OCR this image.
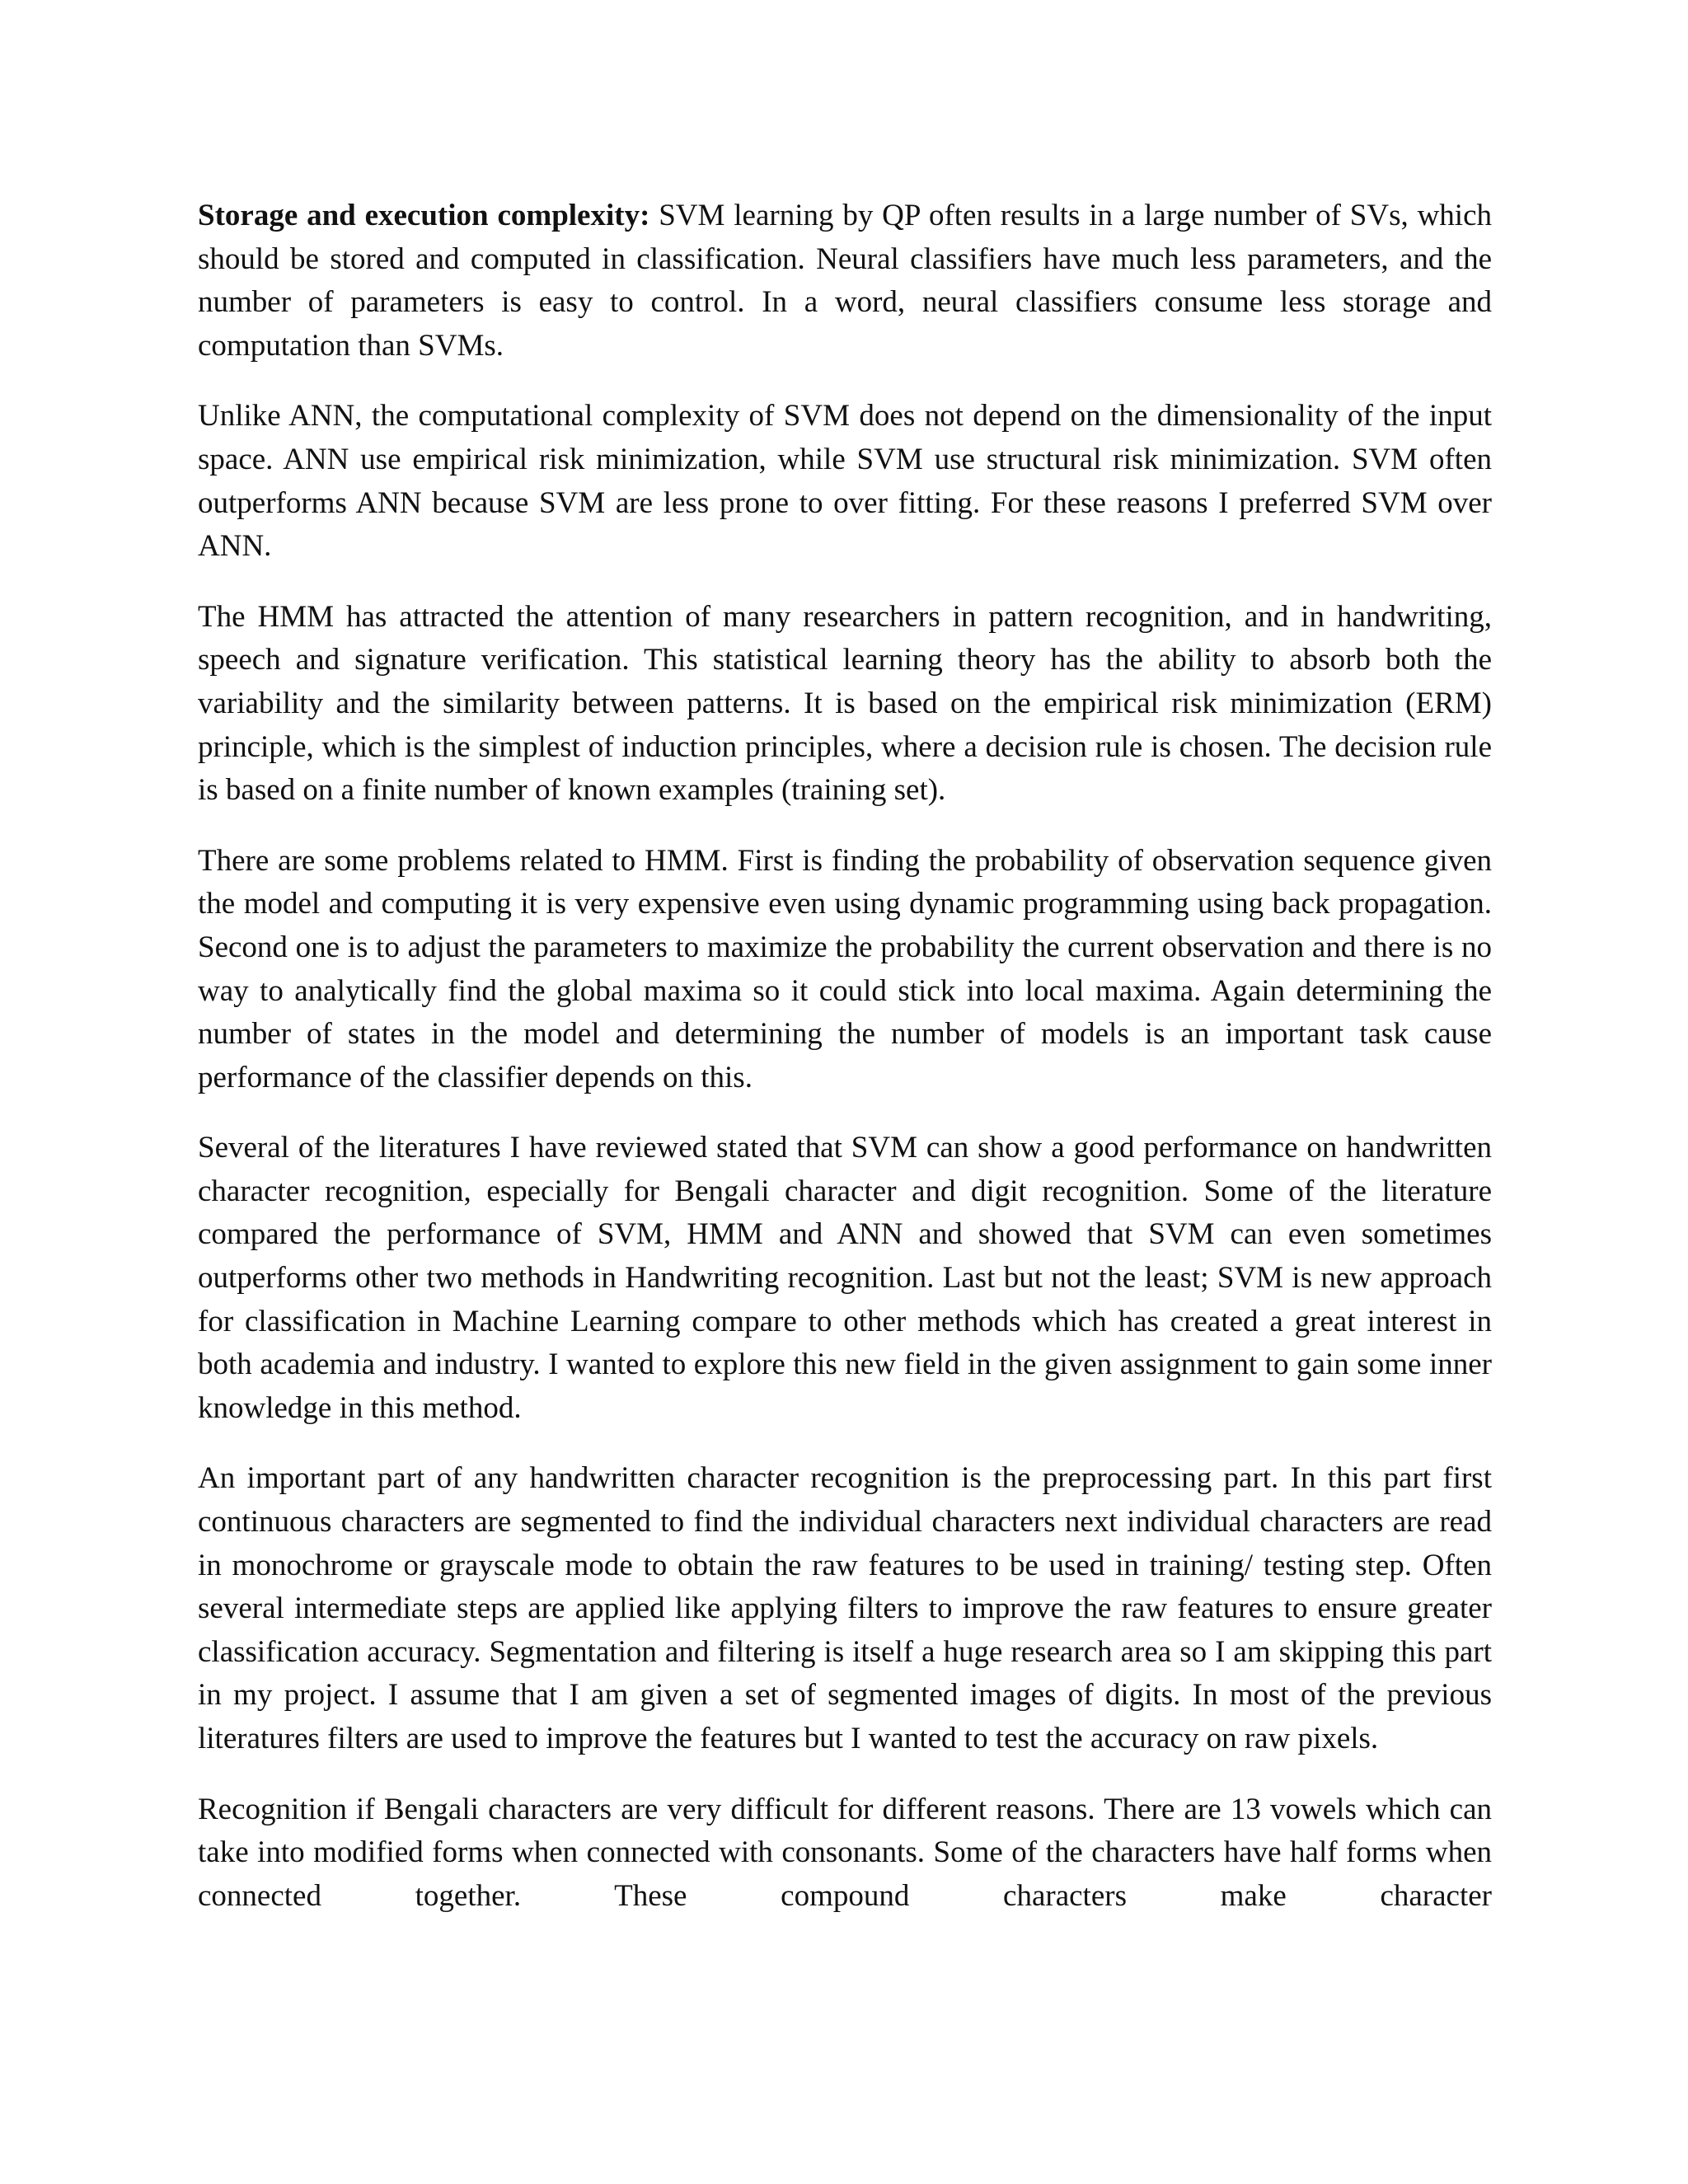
Storage and execution complexity: SVM learning by QP often results in a large number of SVs, which should be stored and computed in classification. Neural classifiers have much less parameters, and the number of parameters is easy to control. In a word, neural classifiers consume less storage and computation than SVMs.

Unlike ANN, the computational complexity of SVM does not depend on the dimensionality of the input space. ANN use empirical risk minimization, while SVM use structural risk minimization. SVM often outperforms ANN because SVM are less prone to over fitting. For these reasons I preferred SVM over ANN.

The HMM has attracted the attention of many researchers in pattern recognition, and in handwriting, speech and signature verification. This statistical learning theory has the ability to absorb both the variability and the similarity between patterns. It is based on the empirical risk minimization (ERM) principle, which is the simplest of induction principles, where a decision rule is chosen. The decision rule is based on a finite number of known examples (training set).

There are some problems related to HMM. First is finding the probability of observation sequence given the model and computing it is very expensive even using dynamic programming using back propagation. Second one is to adjust the parameters to maximize the probability the current observation and there is no way to analytically find the global maxima so it could stick into local maxima. Again determining the number of states in the model and determining the number of models is an important task cause performance of the classifier depends on this.

Several of the literatures I have reviewed stated that SVM can show a good performance on handwritten character recognition, especially for Bengali character and digit recognition. Some of the literature compared the performance of SVM, HMM and ANN and showed that SVM can even sometimes outperforms other two methods in Handwriting recognition. Last but not the least; SVM is new approach for classification in Machine Learning compare to other methods which has created a great interest in both academia and industry. I wanted to explore this new field in the given assignment to gain some inner knowledge in this method.

An important part of any handwritten character recognition is the preprocessing part. In this part first continuous characters are segmented to find the individual characters next individual characters are read in monochrome or grayscale mode to obtain the raw features to be used in training/ testing step. Often several intermediate steps are applied like applying filters to improve the raw features to ensure greater classification accuracy. Segmentation and filtering is itself a huge research area so I am skipping this part in my project. I assume that I am given a set of segmented images of digits. In most of the previous literatures filters are used to improve the features but I wanted to test the accuracy on raw pixels.

Recognition if Bengali characters are very difficult for different reasons. There are 13 vowels which can take into modified forms when connected with consonants. Some of the characters have half forms when connected together. These compound characters make character
